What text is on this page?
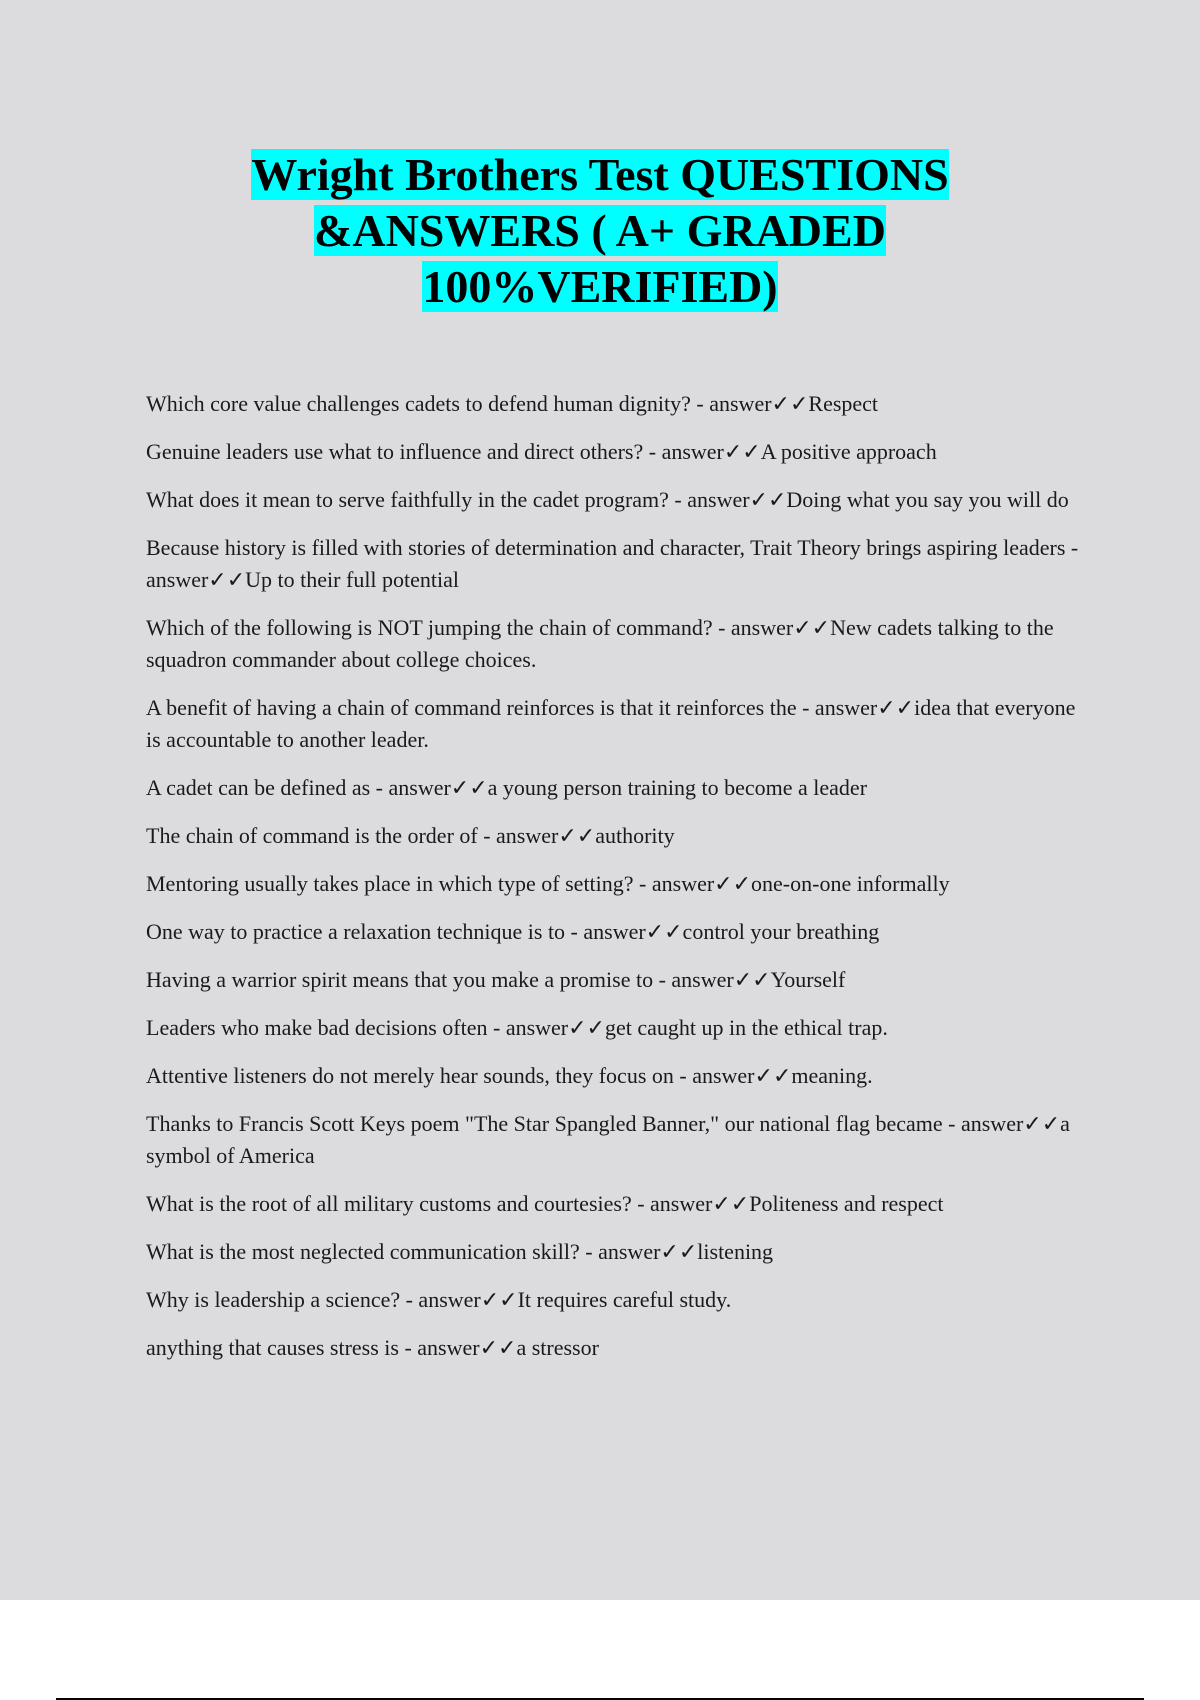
Wright Brothers Test QUESTIONS
&ANSWERS ( A+ GRADED
100%VERIFIED)
Which core value challenges cadets to defend human dignity? - answer✓✓Respect
Genuine leaders use what to influence and direct others? - answer✓✓A positive approach
What does it mean to serve faithfully in the cadet program? - answer✓✓Doing what you say you will do
Because history is filled with stories of determination and character, Trait Theory brings aspiring leaders - answer✓✓Up to their full potential
Which of the following is NOT jumping the chain of command? - answer✓✓New cadets talking to the squadron commander about college choices.
A benefit of having a chain of command reinforces is that it reinforces the - answer✓✓idea that everyone is accountable to another leader.
A cadet can be defined as - answer✓✓a young person training to become a leader
The chain of command is the order of - answer✓✓authority
Mentoring usually takes place in which type of setting? - answer✓✓one-on-one informally
One way to practice a relaxation technique is to - answer✓✓control your breathing
Having a warrior spirit means that you make a promise to - answer✓✓Yourself
Leaders who make bad decisions often - answer✓✓get caught up in the ethical trap.
Attentive listeners do not merely hear sounds, they focus on - answer✓✓meaning.
Thanks to Francis Scott Keys poem "The Star Spangled Banner," our national flag became - answer✓✓a symbol of America
What is the root of all military customs and courtesies? - answer✓✓Politeness and respect
What is the most neglected communication skill? - answer✓✓listening
Why is leadership a science? - answer✓✓It requires careful study.
anything that causes stress is - answer✓✓a stressor
